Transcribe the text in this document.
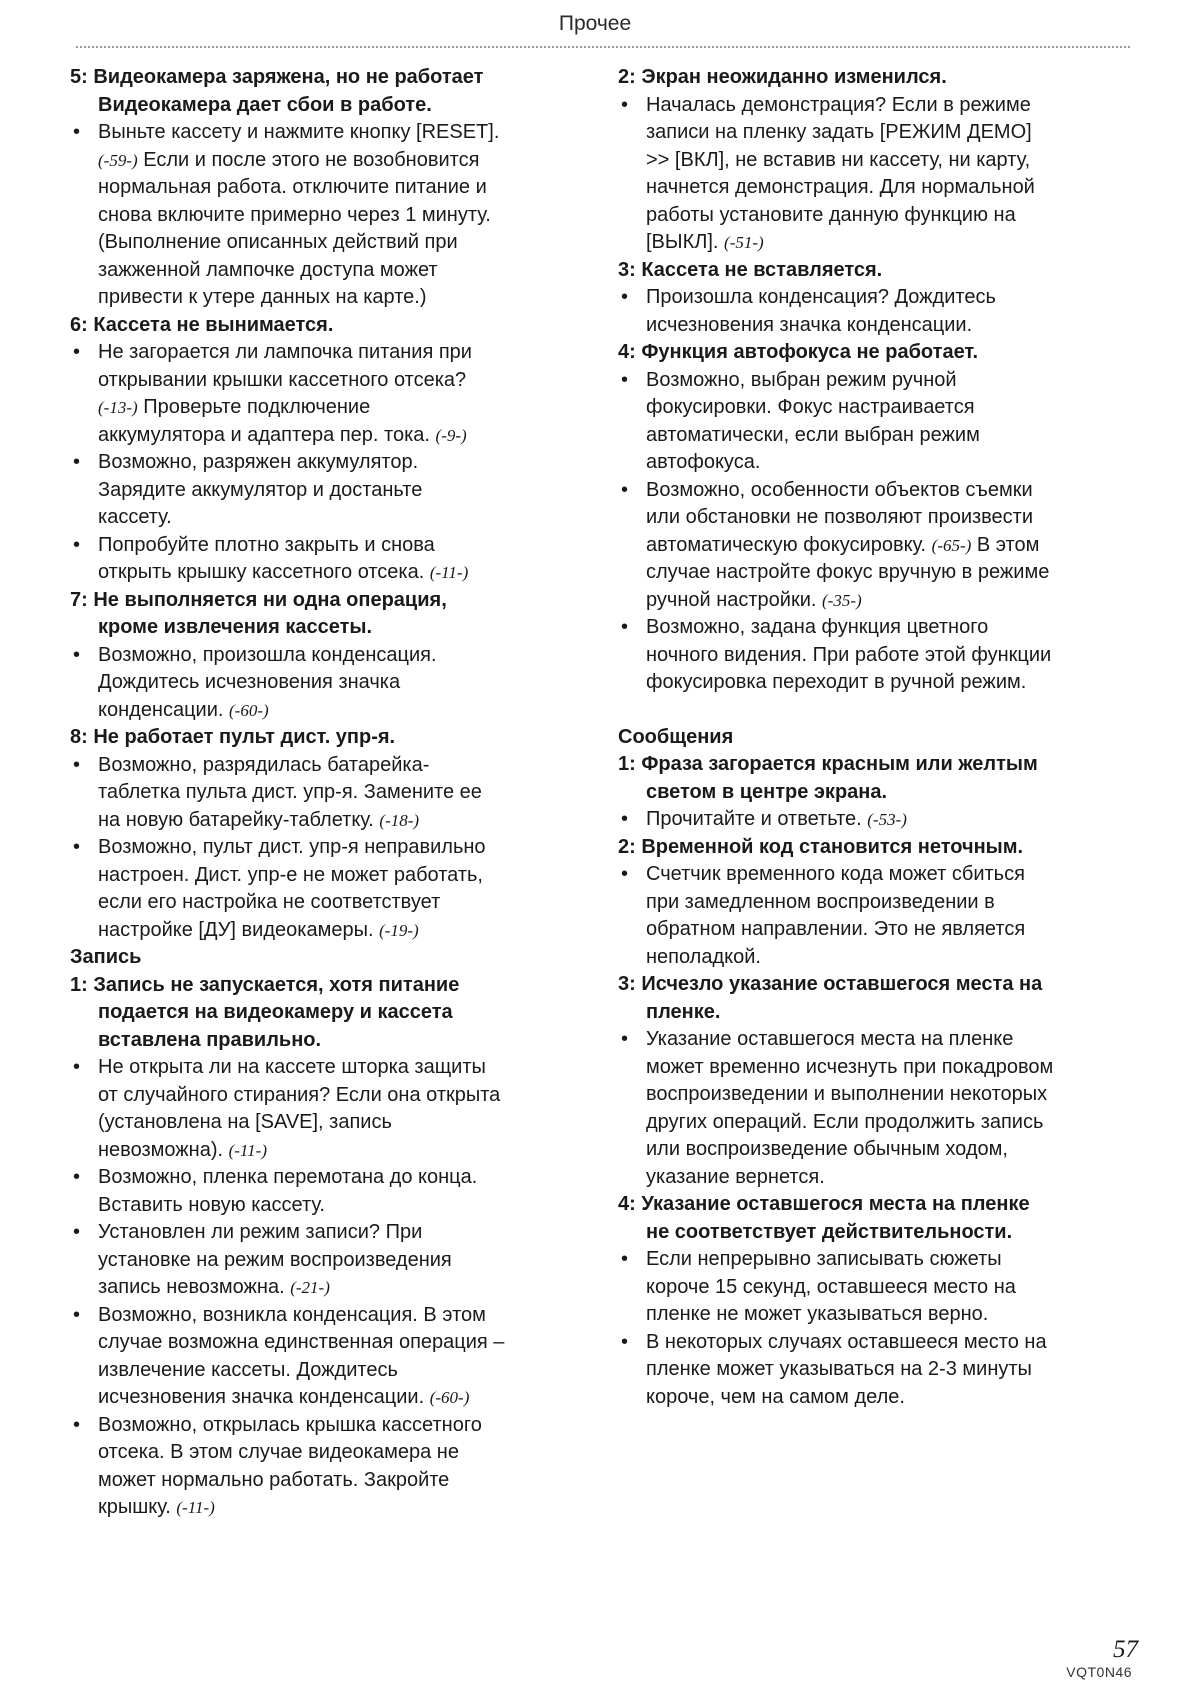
Прочее
5: Видеокамера заряжена, но не работает
Видеокамера дает сбои в работе.
• Выньте кассету и нажмите кнопку [RESET].
(-59-) Если и после этого не возобновится
нормальная работа. отключите питание и
снова включите примерно через 1 минуту.
(Выполнение описанных действий при
зажженной лампочке доступа может
привести к утере данных на карте.)
6: Кассета не вынимается.
• Не загорается ли лампочка питания при
открывании крышки кассетного отсека?
(-13-) Проверьте подключение
аккумулятора и адаптера пер. тока. (-9-)
• Возможно, разряжен аккумулятор.
Зарядите аккумулятор и достаньте
кассету.
• Попробуйте плотно закрыть и снова
открыть крышку кассетного отсека. (-11-)
7: Не выполняется ни одна операция,
кроме извлечения кассеты.
• Возможно, произошла конденсация.
Дождитесь исчезновения значка
конденсации. (-60-)
8: Не работает пульт дист. упр-я.
• Возможно, разрядилась батарейка-
таблетка пульта дист. упр-я. Замените ее
на новую батарейку-таблетку. (-18-)
• Возможно, пульт дист. упр-я неправильно
настроен. Дист. упр-е не может работать,
если его настройка не соответствует
настройке [ДУ] видеокамеры. (-19-)
Запись
1: Запись не запускается, хотя питание
подается на видеокамеру и кассета
вставлена правильно.
• Не открыта ли на кассете шторка защиты
от случайного стирания? Если она открыта
(установлена на [SAVE], запись
невозможна). (-11-)
• Возможно, пленка перемотана до конца.
Вставить новую кассету.
• Установлен ли режим записи? При
установке на режим воспроизведения
запись невозможна. (-21-)
• Возможно, возникла конденсация. В этом
случае возможна единственная операция –
извлечение кассеты. Дождитесь
исчезновения значка конденсации. (-60-)
• Возможно, открылась крышка кассетного
отсека. В этом случае видеокамера не
может нормально работать. Закройте
крышку. (-11-)
2: Экран неожиданно изменился.
• Началась демонстрация? Если в режиме
записи на пленку задать [РЕЖИМ ДЕМО]
>> [ВКЛ], не вставив ни кассету, ни карту,
начнется демонстрация. Для нормальной
работы установите данную функцию на
[ВЫКЛ]. (-51-)
3: Кассета не вставляется.
• Произошла конденсация? Дождитесь
исчезновения значка конденсации.
4: Функция автофокуса не работает.
• Возможно, выбран режим ручной
фокусировки. Фокус настраивается
автоматически, если выбран режим
автофокуса.
• Возможно, особенности объектов съемки
или обстановки не позволяют произвести
автоматическую фокусировку. (-65-) В этом
случае настройте фокус вручную в режиме
ручной настройки. (-35-)
• Возможно, задана функция цветного
ночного видения. При работе этой функции
фокусировка переходит в ручной режим.
Сообщения
1: Фраза загорается красным или желтым
светом в центре экрана.
• Прочитайте и ответьте. (-53-)
2: Временной код становится неточным.
• Счетчик временного кода может сбиться
при замедленном воспроизведении в
обратном направлении. Это не является
неполадкой.
3: Исчезло указание оставшегося места на
пленке.
• Указание оставшегося места на пленке
может временно исчезнуть при покадровом
воспроизведении и выполнении некоторых
других операций. Если продолжить запись
или воспроизведение обычным ходом,
указание вернется.
4: Указание оставшегося места на пленке
не соответствует действительности.
• Если непрерывно записывать сюжеты
короче 15 секунд, оставшееся место на
пленке не может указываться верно.
• В некоторых случаях оставшееся место на
пленке может указываться на 2-3 минуты
короче, чем на самом деле.
57
VQT0N46
